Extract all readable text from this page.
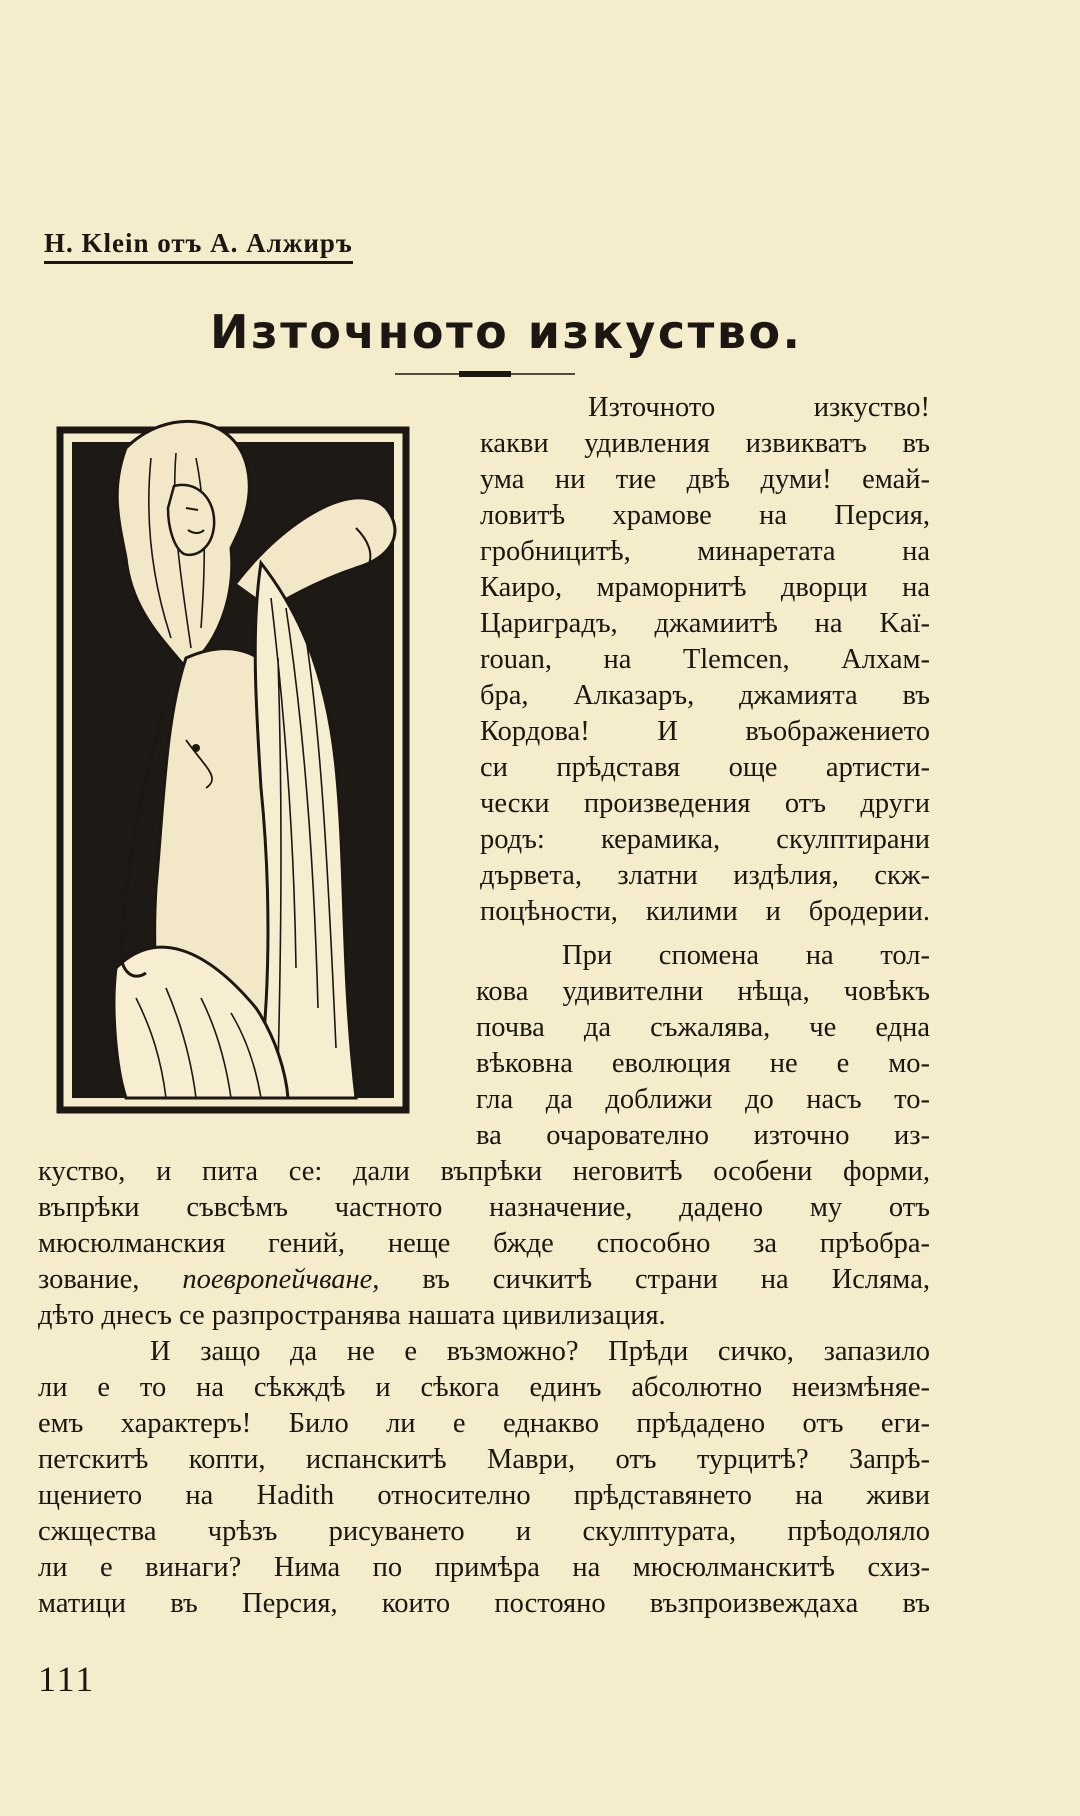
Н. Klein отъ А. Алжиръ
Източното изкуство.
Източното изкуство!
какви удивления извикватъ въ
ума ни тие двѣ думи! емай-
ловитѣ храмове на Персия,
гробницитѣ, минаретата на
Каиро, мраморнитѣ дворци на
Цариградъ, джамиитѣ на Kaï-
rouan, на Tlemcen, Алхам-
бра, Алказаръ, джамията въ
Кордова! И въображението
си прѣдставя още артисти-
чески произведения отъ други
родъ: керамика, скулптирани
дървета, златни издѣлия, скж-
поцѣности, килими и бродерии.
При спомена на тол-
кова удивителни нѣща, човѣкъ
почва да съжалява, че една
вѣковна еволюция не е мо-
гла да доближи до насъ то-
ва очарователно източно из-
куство, и пита се: дали въпрѣки неговитѣ особени форми,
въпрѣки съвсѣмъ частното назначение, дадено му отъ
мюсюлманския гений, неще бжде способно за прѣобра-
зование, поевропейчване, въ сичкитѣ страни на Ислямa,
дѣто днесъ се разпространява нашата цивилизация.
И защо да не е възможно? Прѣди сичко, запазило
ли е то на сѣкждѣ и сѣкога единъ абсолютно неизмѣняе-
емъ характеръ! Било ли е еднакво прѣдадено отъ еги-
петскитѣ копти, испанскитѣ Маври, отъ турцитѣ? Запрѣ-
щението на Hadith относително прѣдставянето на живи
сжщества чрѣзъ рисуването и скулптурата, прѣодоляло
ли е винаги? Нима по примѣра на мюсюлманскитѣ схиз-
матици въ Персия, които постояно възпроизвеждаха въ
111
